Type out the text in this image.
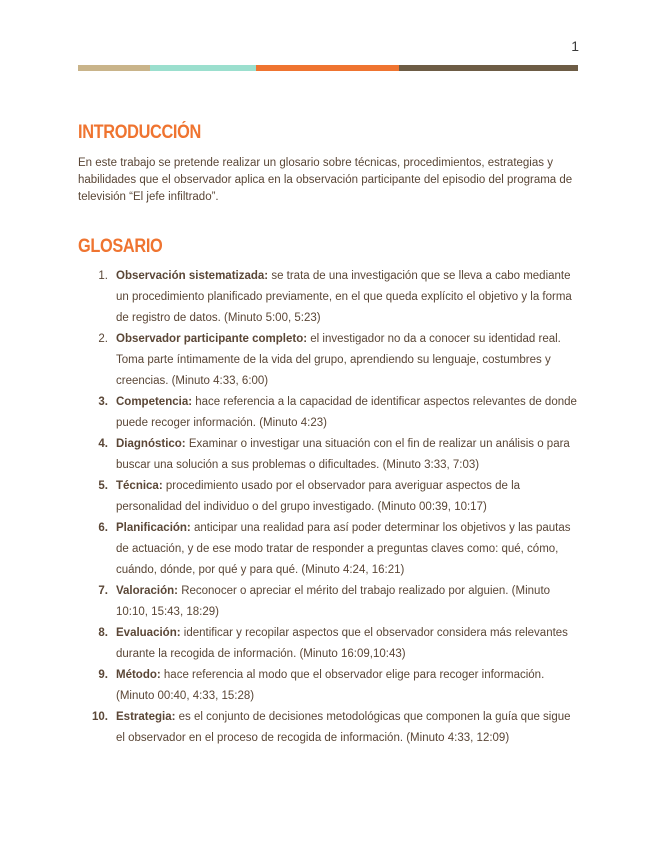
1
INTRODUCCIÓN

En este trabajo se pretende realizar un glosario sobre técnicas, procedimientos, estrategias y habilidades que el observador aplica en la observación participante del episodio del programa de televisión “El jefe infiltrado”.

GLOSARIO
1. Observación sistematizada: se trata de una investigación que se lleva a cabo mediante un procedimiento planificado previamente, en el que queda explícito el objetivo y la forma de registro de datos. (Minuto 5:00, 5:23)
2. Observador participante completo: el investigador no da a conocer su identidad real. Toma parte íntimamente de la vida del grupo, aprendiendo su lenguaje, costumbres y creencias. (Minuto 4:33, 6:00)
3. Competencia: hace referencia a la capacidad de identificar aspectos relevantes de donde puede recoger información. (Minuto 4:23)
4. Diagnóstico: Examinar o investigar una situación con el fin de realizar un análisis o para buscar una solución a sus problemas o dificultades. (Minuto 3:33, 7:03)
5. Técnica: procedimiento usado por el observador para averiguar aspectos de la personalidad del individuo o del grupo investigado. (Minuto 00:39, 10:17)
6. Planificación: anticipar una realidad para así poder determinar los objetivos y las pautas de actuación, y de ese modo tratar de responder a preguntas claves como: qué, cómo, cuándo, dónde, por qué y para qué. (Minuto 4:24, 16:21)
7. Valoración: Reconocer o apreciar el mérito del trabajo realizado por alguien. (Minuto 10:10, 15:43, 18:29)
8. Evaluación: identificar y recopilar aspectos que el observador considera más relevantes durante la recogida de información. (Minuto 16:09,10:43)
9. Método: hace referencia al modo que el observador elige para recoger información. (Minuto 00:40, 4:33, 15:28)
10. Estrategia: es el conjunto de decisiones metodológicas que componen la guía que sigue el observador en el proceso de recogida de información. (Minuto 4:33, 12:09)
